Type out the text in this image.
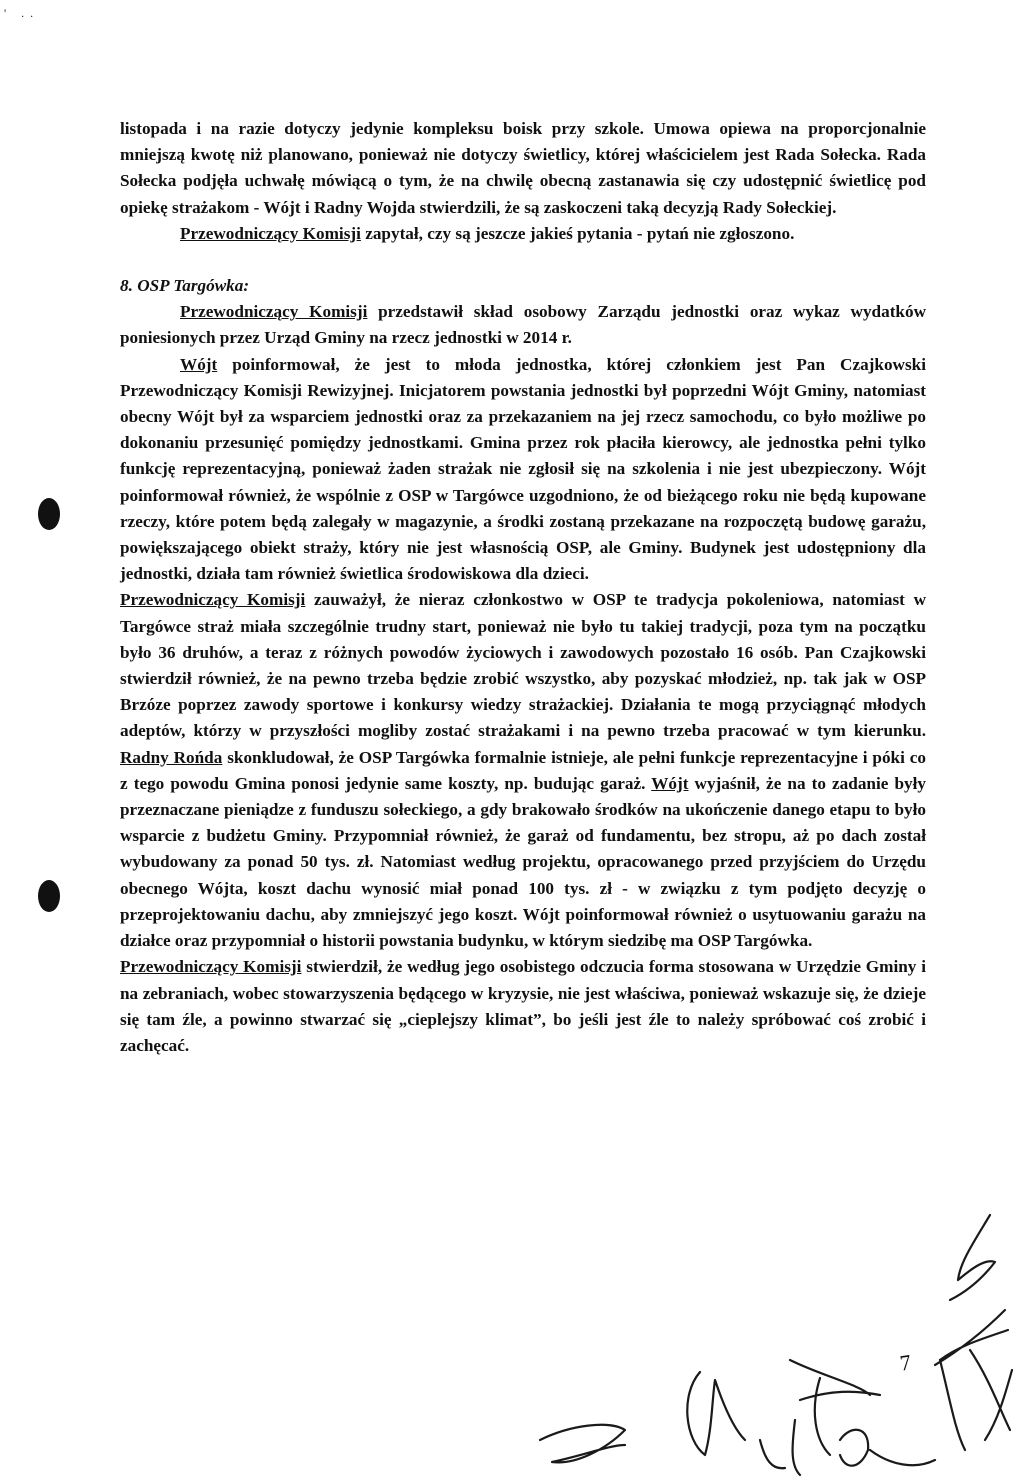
' ..

listopada i na razie dotyczy jedynie kompleksu boisk przy szkole. Umowa opiewa na proporcjonalnie mniejszą kwotę niż planowano, ponieważ nie dotyczy świetlicy, której właścicielem jest Rada Sołecka. Rada Sołecka podjęła uchwałę mówiącą o tym, że na chwilę obecną zastanawia się czy udostępnić świetlicę pod opiekę strażakom - Wójt i Radny Wojda stwierdzili, że są zaskoczeni taką decyzją Rady Sołeckiej.

Przewodniczący Komisji zapytał, czy są jeszcze jakieś pytania - pytań nie zgłoszono.

8. OSP Targówka:

Przewodniczący Komisji przedstawił skład osobowy Zarządu jednostki oraz wykaz wydatków poniesionych przez Urząd Gminy na rzecz jednostki w 2014 r.

Wójt poinformował, że jest to młoda jednostka, której członkiem jest Pan Czajkowski Przewodniczący Komisji Rewizyjnej. Inicjatorem powstania jednostki był poprzedni Wójt Gminy, natomiast obecny Wójt był za wsparciem jednostki oraz za przekazaniem na jej rzecz samochodu, co było możliwe po dokonaniu przesunięć pomiędzy jednostkami. Gmina przez rok płaciła kierowcy, ale jednostka pełni tylko funkcję reprezentacyjną, ponieważ żaden strażak nie zgłosił się na szkolenia i nie jest ubezpieczony. Wójt poinformował również, że wspólnie z OSP w Targówce uzgodniono, że od bieżącego roku nie będą kupowane rzeczy, które potem będą zalegały w magazynie, a środki zostaną przekazane na rozpoczętą budowę garażu, powiększającego obiekt straży, który nie jest własnością OSP, ale Gminy. Budynek jest udostępniony dla jednostki, działa tam również świetlica środowiskowa dla dzieci.

Przewodniczący Komisji zauważył, że nieraz członkostwo w OSP te tradycja pokoleniowa, natomiast w Targówce straż miała szczególnie trudny start, ponieważ nie było tu takiej tradycji, poza tym na początku było 36 druhów, a teraz z różnych powodów życiowych i zawodowych pozostało 16 osób. Pan Czajkowski stwierdził również, że na pewno trzeba będzie zrobić wszystko, aby pozyskać młodzież, np. tak jak w OSP Brzóze poprzez zawody sportowe i konkursy wiedzy strażackiej. Działania te mogą przyciągnąć młodych adeptów, którzy w przyszłości mogliby zostać strażakami i na pewno trzeba pracować w tym kierunku. Radny Rońda skonkludował, że OSP Targówka formalnie istnieje, ale pełni funkcje reprezentacyjne i póki co z tego powodu Gmina ponosi jedynie same koszty, np. budując garaż. Wójt wyjaśnił, że na to zadanie były przeznaczane pieniądze z funduszu sołeckiego, a gdy brakowało środków na ukończenie danego etapu to było wsparcie z budżetu Gminy. Przypomniał również, że garaż od fundamentu, bez stropu, aż po dach został wybudowany za ponad 50 tys. zł. Natomiast według projektu, opracowanego przed przyjściem do Urzędu obecnego Wójta, koszt dachu wynosić miał ponad 100 tys. zł - w związku z tym podjęto decyzję o przeprojektowaniu dachu, aby zmniejszyć jego koszt. Wójt poinformował również o usytuowaniu garażu na działce oraz przypomniał o historii powstania budynku, w którym siedzibę ma OSP Targówka.

Przewodniczący Komisji stwierdził, że według jego osobistego odczucia forma stosowana w Urzędzie Gminy i na zebraniach, wobec stowarzyszenia będącego w kryzysie, nie jest właściwa, ponieważ wskazuje się, że dzieje się tam źle, a powinno stwarzać się „cieplejszy klimat”, bo jeśli jest źle to należy spróbować coś zrobić i zachęcać.

7
